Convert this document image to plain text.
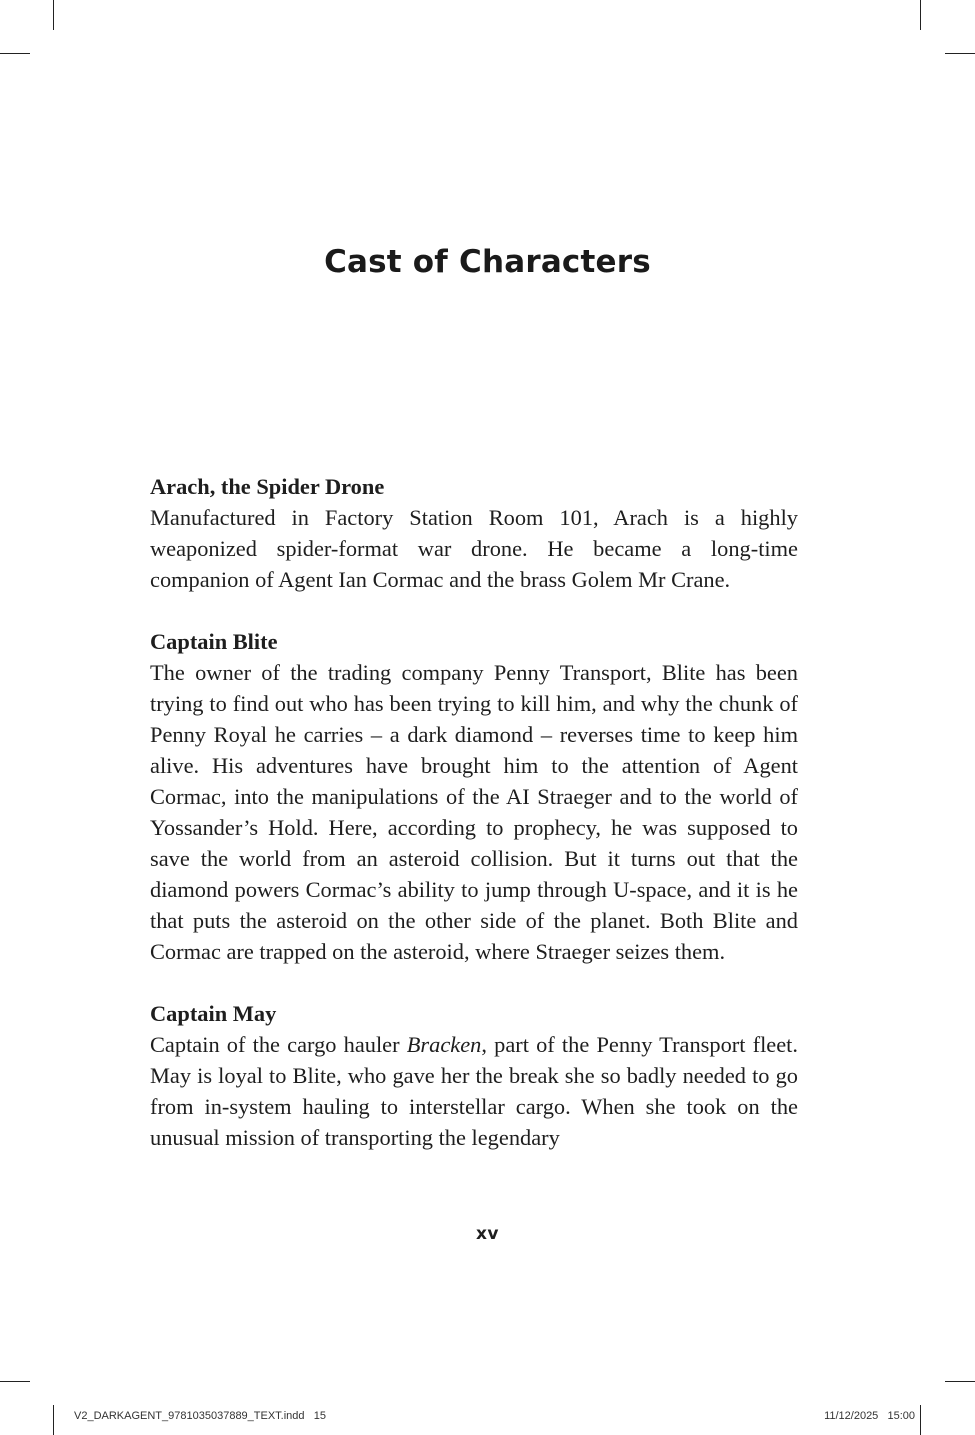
Cast of Characters

Arach, the Spider Drone

Manufactured in Factory Station Room 101, Arach is a highly weaponized spider-format war drone. He became a long-time companion of Agent Ian Cormac and the brass Golem Mr Crane.

Captain Blite

The owner of the trading company Penny Transport, Blite has been trying to find out who has been trying to kill him, and why the chunk of Penny Royal he carries – a dark diamond – reverses time to keep him alive. His adventures have brought him to the attention of Agent Cormac, into the manipulations of the AI Straeger and to the world of Yossander’s Hold. Here, according to prophecy, he was supposed to save the world from an asteroid collision. But it turns out that the diamond powers Cormac’s ability to jump through U-space, and it is he that puts the asteroid on the other side of the planet. Both Blite and Cormac are trapped on the asteroid, where Straeger seizes them.

Captain May

Captain of the cargo hauler Bracken, part of the Penny Transport fleet. May is loyal to Blite, who gave her the break she so badly needed to go from in-system hauling to interstellar cargo. When she took on the unusual mission of transporting the legendary

xv
V2_DARKAGENT_9781035037889_TEXT.indd   15	11/12/2025   15:00
